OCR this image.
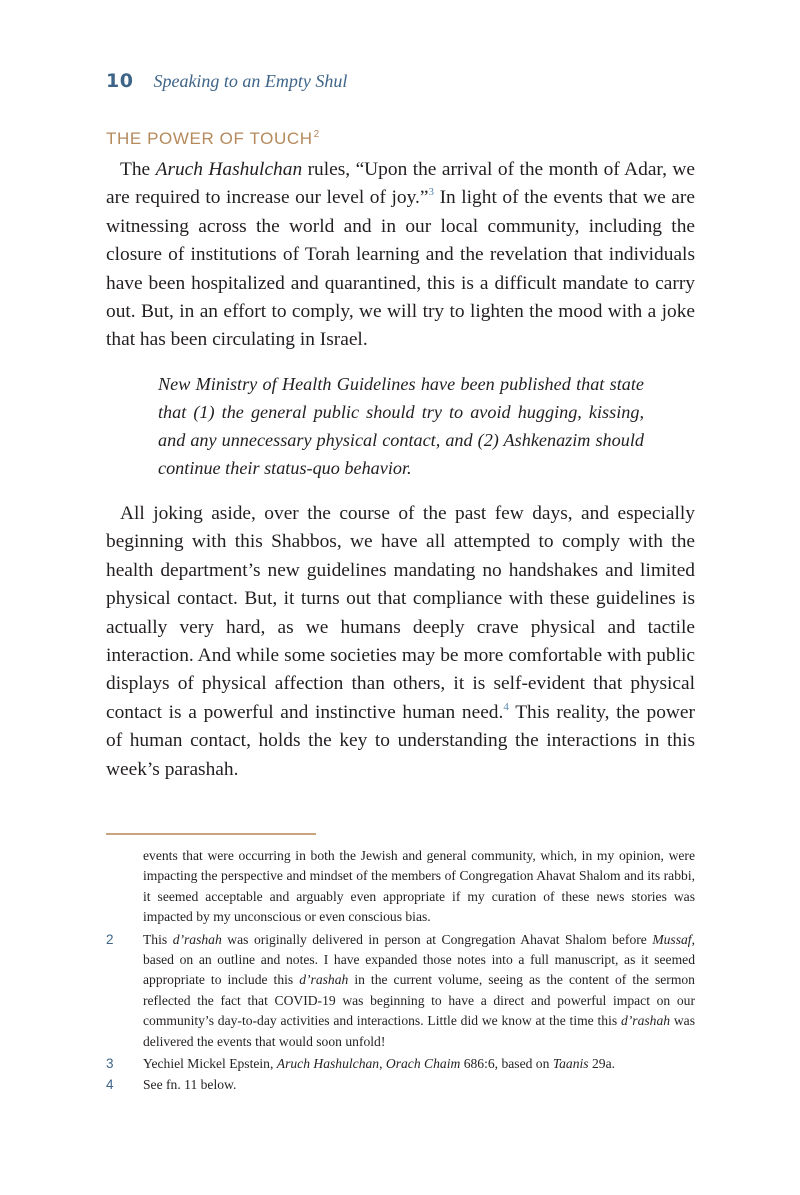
10 Speaking to an Empty Shul
THE POWER OF TOUCH$^2$

The Aruch Hashulchan rules, “Upon the arrival of the month of Adar, we are required to increase our level of joy.”$^3$ In light of the events that we are witnessing across the world and in our local community, including the closure of institutions of Torah learning and the revelation that individuals have been hospitalized and quarantined, this is a difficult mandate to carry out. But, in an effort to comply, we will try to lighten the mood with a joke that has been circulating in Israel.

New Ministry of Health Guidelines have been published that state that (1) the general public should try to avoid hugging, kissing, and any unnecessary physical contact, and (2) Ashkenazim should continue their status-quo behavior.

All joking aside, over the course of the past few days, and especially beginning with this Shabbos, we have all attempted to comply with the health department’s new guidelines mandating no handshakes and limited physical contact. But, it turns out that compliance with these guidelines is actually very hard, as we humans deeply crave physical and tactile interaction. And while some societies may be more comfortable with public displays of physical affection than others, it is self-evident that physical contact is a powerful and instinctive human need.$^4$ This reality, the power of human contact, holds the key to understanding the interactions in this week’s parashah.

events that were occurring in both the Jewish and general community, which, in my opinion, were impacting the perspective and mindset of the members of Congregation Ahavat Shalom and its rabbi, it seemed acceptable and arguably even appropriate if my curation of these news stories was impacted by my unconscious or even conscious bias.
2 This d’rashah was originally delivered in person at Congregation Ahavat Shalom before Mussaf, based on an outline and notes. I have expanded those notes into a full manuscript, as it seemed appropriate to include this d’rashah in the current volume, seeing as the content of the sermon reflected the fact that COVID-19 was beginning to have a direct and powerful impact on our community’s day-to-day activities and interactions. Little did we know at the time this d’rashah was delivered the events that would soon unfold!
3 Yechiel Mickel Epstein, Aruch Hashulchan, Orach Chaim 686:6, based on Taanis 29a.
4 See fn. 11 below.
